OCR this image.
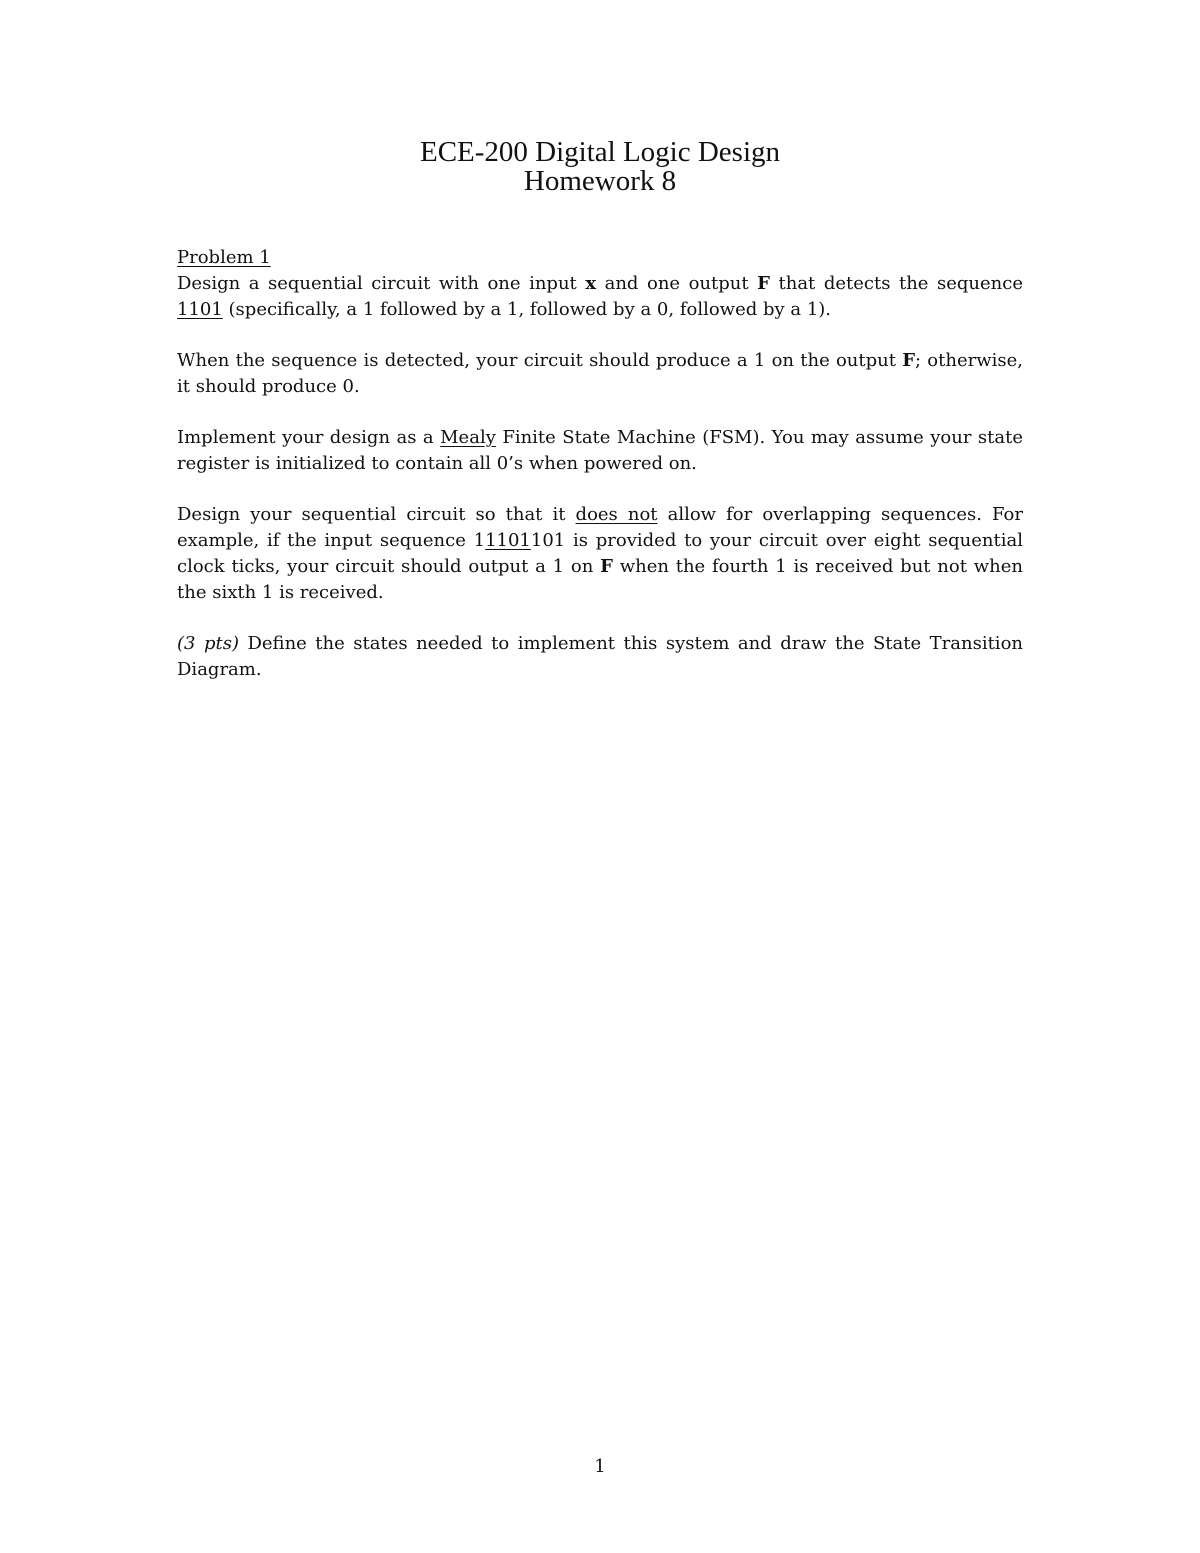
ECE-200 Digital Logic Design
Homework 8
Problem 1

Design a sequential circuit with one input x and one output F that detects the sequence 1101 (specifically, a 1 followed by a 1, followed by a 0, followed by a 1).

When the sequence is detected, your circuit should produce a 1 on the output F; otherwise, it should produce 0.

Implement your design as a Mealy Finite State Machine (FSM). You may assume your state register is initialized to contain all 0’s when powered on.

Design your sequential circuit so that it does not allow for overlapping sequences. For example, if the input sequence 11101101 is provided to your circuit over eight sequential clock ticks, your circuit should output a 1 on F when the fourth 1 is received but not when the sixth 1 is received.

(3 pts) Define the states needed to implement this system and draw the State Transition Diagram.

1
